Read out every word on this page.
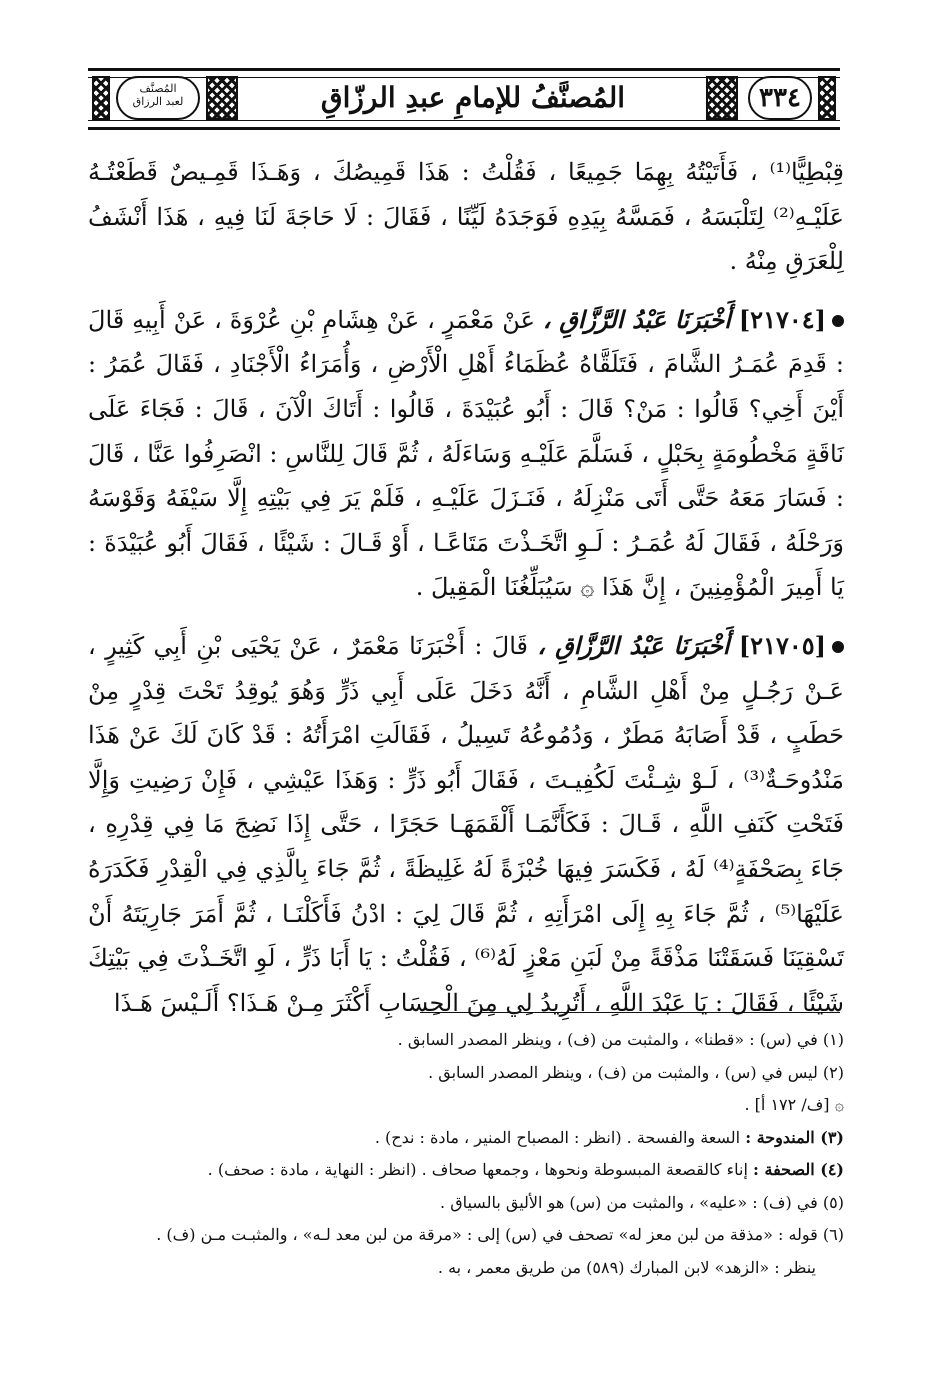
المُصنَّف
لعبد الرزاق	المُصنَّفُ للإمامِ عبدِ الرزّاقِ	٣٣٤

قِبْطِيًّا⁽¹⁾ ، فَأَتَيْتُهُ بِهِمَا جَمِيعًا ، فَقُلْتُ : هَذَا قَمِيصُكَ ، وَهَـذَا قَمِـيصٌ قَطَعْتُـهُ عَلَيْـهِ⁽²⁾ لِتَلْبَسَهُ ، فَمَسَّهُ بِيَدِهِ فَوَجَدَهُ لَيِّنًا ، فَقَالَ : لَا حَاجَةَ لَنَا فِيهِ ، هَذَا أَنْشَفُ لِلْعَرَقِ مِنْهُ .

[٢١٧٠٤] أَخْبَرَنَا عَبْدُ الرَّزَّاقِ ، عَنْ مَعْمَرٍ ، عَنْ هِشَامِ بْنِ عُرْوَةَ ، عَنْ أَبِيهِ قَالَ : قَدِمَ عُمَـرُ الشَّامَ ، فَتَلَقَّاهُ عُظَمَاءُ أَهْلِ الْأَرْضِ ، وَأُمَرَاءُ الْأَجْنَادِ ، فَقَالَ عُمَرُ : أَيْنَ أَخِي؟ قَالُوا : مَنْ؟ قَالَ : أَبُو عُبَيْدَةَ ، قَالُوا : أَتَاكَ الْآنَ ، قَالَ : فَجَاءَ عَلَى نَاقَةٍ مَخْطُومَةٍ بِحَبْلٍ ، فَسَلَّمَ عَلَيْـهِ وَسَاءَلَهُ ، ثُمَّ قَالَ لِلنَّاسِ : انْصَرِفُوا عَنَّا ، قَالَ : فَسَارَ مَعَهُ حَتَّى أَتَى مَنْزِلَهُ ، فَنَـزَلَ عَلَيْـهِ ، فَلَمْ يَرَ فِي بَيْتِهِ إِلَّا سَيْفَهُ وَقَوْسَهُ وَرَحْلَهُ ، فَقَالَ لَهُ عُمَـرُ : لَـوِ اتَّخَـذْتَ مَتَاعًـا ، أَوْ قَـالَ : شَيْئًا ، فَقَالَ أَبُو عُبَيْدَةَ : يَا أَمِيرَ الْمُؤْمِنِينَ ، إِنَّ هَذَا ۞ سَيُبَلِّغُنَا الْمَقِيلَ .

[٢١٧٠٥] أَخْبَرَنَا عَبْدُ الرَّزَّاقِ ، قَالَ : أَخْبَرَنَا مَعْمَرٌ ، عَنْ يَحْيَى بْنِ أَبِي كَثِيرٍ ، عَـنْ رَجُـلٍ مِنْ أَهْلِ الشَّامِ ، أَنَّهُ دَخَلَ عَلَى أَبِي ذَرٍّ وَهُوَ يُوقِدُ تَحْتَ قِدْرٍ مِنْ حَطَبٍ ، قَدْ أَصَابَهُ مَطَرٌ ، وَدُمُوعُهُ تَسِيلُ ، فَقَالَتِ امْرَأَتُهُ : قَدْ كَانَ لَكَ عَنْ هَذَا مَنْدُوحَـةٌ⁽³⁾ ، لَـوْ شِـئْتَ لَكُفِيـتَ ، فَقَالَ أَبُو ذَرٍّ : وَهَذَا عَيْشِي ، فَإِنْ رَضِيتِ وَإِلَّا فَتَحْتِ كَنَفِ اللَّهِ ، قَـالَ : فَكَأَنَّمَـا أَلْقَمَهَـا حَجَرًا ، حَتَّى إِذَا نَضِجَ مَا فِي قِدْرِهِ ، جَاءَ بِصَحْفَةٍ⁽⁴⁾ لَهُ ، فَكَسَرَ فِيهَا خُبْزَةً لَهُ غَلِيظَةً ، ثُمَّ جَاءَ بِالَّذِي فِي الْقِدْرِ فَكَدَرَهُ عَلَيْهَا⁽⁵⁾ ، ثُمَّ جَاءَ بِهِ إِلَى امْرَأَتِهِ ، ثُمَّ قَالَ لِيَ : ادْنُ فَأَكَلْنَـا ، ثُمَّ أَمَرَ جَارِيَتَهُ أَنْ تَسْقِيَنَا فَسَقَتْنَا مَذْقَةً مِنْ لَبَنِ مَعْزٍ لَهُ⁽⁶⁾ ، فَقُلْتُ : يَا أَبَا ذَرٍّ ، لَوِ اتَّخَـذْتَ فِي بَيْتِكَ شَيْئًا ، فَقَالَ : يَا عَبْدَ اللَّهِ ، أَتُرِيدُ لِي مِنَ الْحِسَابِ أَكْثَرَ مِـنْ هَـذَا؟ أَلَـيْسَ هَـذَا

(١) في (س) : «قطنا» ، والمثبت من (ف) ، وينظر المصدر السابق .
(٢) ليس في (س) ، والمثبت من (ف) ، وينظر المصدر السابق .
۞ [ف/ ١٧٢ أ] .
(٣) المندوحة : السعة والفسحة . (انظر : المصباح المنير ، مادة : ندح) .
(٤) الصحفة : إناء كالقصعة المبسوطة ونحوها ، وجمعها صحاف . (انظر : النهاية ، مادة : صحف) .
(٥) في (ف) : «عليه» ، والمثبت من (س) هو الأليق بالسياق .
(٦) قوله : «مذقة من لبن معز له» تصحف في (س) إلى : «مرقة من لبن معد لـه» ، والمثبـت مـن (ف) .
ينظر : «الزهد» لابن المبارك (٥٨٩) من طريق معمر ، به .
